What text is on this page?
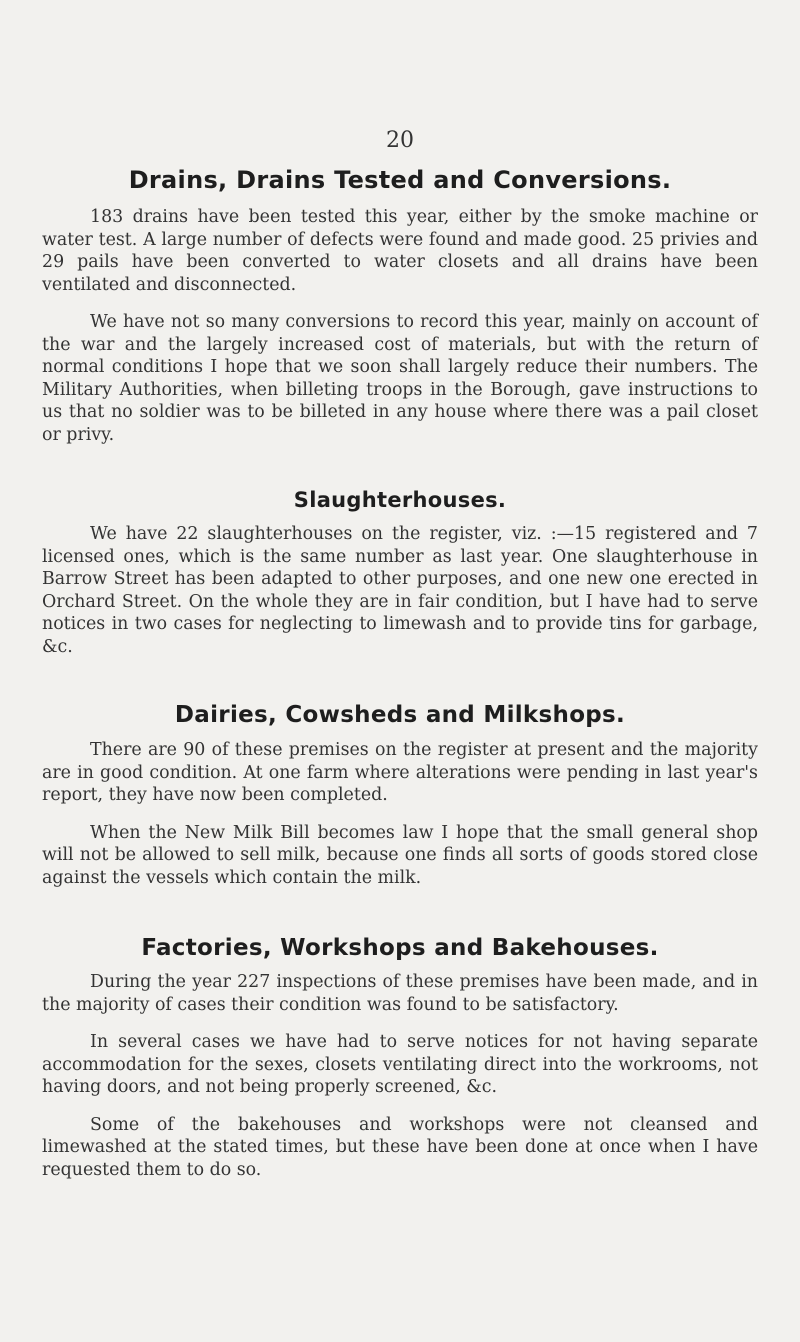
20
Drains, Drains Tested and Conversions.

183 drains have been tested this year, either by the smoke machine or water test. A large number of defects were found and made good. 25 privies and 29 pails have been converted to water closets and all drains have been ventilated and disconnected.

We have not so many conversions to record this year, mainly on account of the war and the largely increased cost of materials, but with the return of normal conditions I hope that we soon shall largely reduce their numbers. The Military Authorities, when billeting troops in the Borough, gave instructions to us that no soldier was to be billeted in any house where there was a pail closet or privy.

Slaughterhouses.

We have 22 slaughterhouses on the register, viz. :—15 registered and 7 licensed ones, which is the same number as last year. One slaughterhouse in Barrow Street has been adapted to other purposes, and one new one erected in Orchard Street. On the whole they are in fair condition, but I have had to serve notices in two cases for neglecting to limewash and to provide tins for garbage, &c.

Dairies, Cowsheds and Milkshops.

There are 90 of these premises on the register at present and the majority are in good condition. At one farm where alterations were pending in last year's report, they have now been completed.

When the New Milk Bill becomes law I hope that the small general shop will not be allowed to sell milk, because one finds all sorts of goods stored close against the vessels which contain the milk.

Factories, Workshops and Bakehouses.

During the year 227 inspections of these premises have been made, and in the majority of cases their condition was found to be satisfactory.

In several cases we have had to serve notices for not having separate accommodation for the sexes, closets ventilating direct into the workrooms, not having doors, and not being properly screened, &c.

Some of the bakehouses and workshops were not cleansed and limewashed at the stated times, but these have been done at once when I have requested them to do so.
